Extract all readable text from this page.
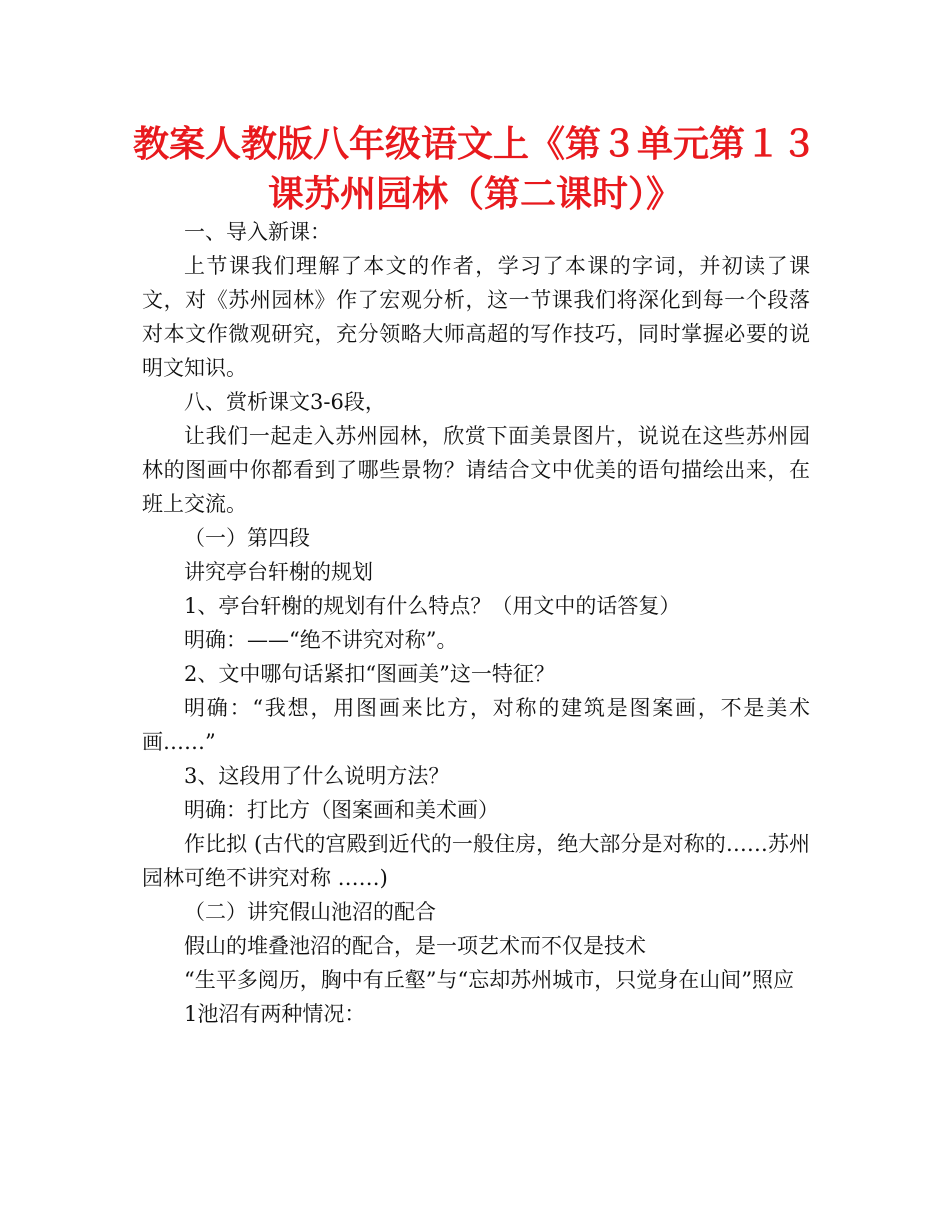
教案人教版八年级语文上《第３单元第１３
课苏州园林（第二课时）》

一、导入新课：

上节课我们理解了本文的作者，学习了本课的字词，并初读了课文，对《苏州园林》作了宏观分析，这一节课我们将深化到每一个段落对本文作微观研究，充分领略大师高超的写作技巧，同时掌握必要的说明文知识。

八、赏析课文3-6段，

让我们一起走入苏州园林，欣赏下面美景图片，说说在这些苏州园林的图画中你都看到了哪些景物？请结合文中优美的语句描绘出来，在班上交流。

（一）第四段

讲究亭台轩榭的规划

1、亭台轩榭的规划有什么特点？（用文中的话答复）

明确：——“绝不讲究对称”。

2、文中哪句话紧扣“图画美”这一特征？

明确：“我想，用图画来比方，对称的建筑是图案画，不是美术画……”

3、这段用了什么说明方法？

明确：打比方（图案画和美术画）

作比拟 (古代的宫殿到近代的一般住房，绝大部分是对称的……苏州园林可绝不讲究对称 ……)

（二）讲究假山池沼的配合

假山的堆叠池沼的配合，是一项艺术而不仅是技术

“生平多阅历，胸中有丘壑”与“忘却苏州城市，只觉身在山间”照应

1池沼有两种情况：
